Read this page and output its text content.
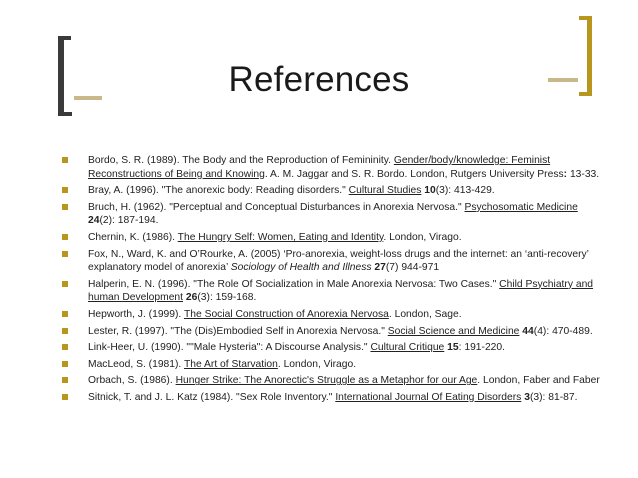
References
Bordo, S. R. (1989). The Body and the Reproduction of Femininity. Gender/body/knowledge: Feminist Reconstructions of Being and Knowing. A. M. Jaggar and S. R. Bordo. London, Rutgers University Press: 13-33.
Bray, A. (1996). "The anorexic body: Reading disorders." Cultural Studies 10(3): 413-429.
Bruch, H. (1962). "Perceptual and Conceptual Disturbances in Anorexia Nervosa." Psychosomatic Medicine 24(2): 187-194.
Chernin, K. (1986). The Hungry Self: Women, Eating and Identity. London, Virago.
Fox, N., Ward, K. and O’Rourke, A. (2005) ‘Pro-anorexia, weight-loss drugs and the internet: an ‘anti-recovery’ explanatory model of anorexia’ Sociology of Health and Illness 27(7) 944-971
Halperin, E. N. (1996). "The Role Of Socialization in Male Anorexia Nervosa: Two Cases." Child Psychiatry and human Development 26(3): 159-168.
Hepworth, J. (1999). The Social Construction of Anorexia Nervosa. London, Sage.
Lester, R. (1997). "The (Dis)Embodied Self in Anorexia Nervosa." Social Science and Medicine 44(4): 470-489.
Link-Heer, U. (1990). ""Male Hysteria": A Discourse Analysis." Cultural Critique 15: 191-220.
MacLeod, S. (1981). The Art of Starvation. London, Virago.
Orbach, S. (1986). Hunger Strike: The Anorectic's Struggle as a Metaphor for our Age. London, Faber and Faber
Sitnick, T. and J. L. Katz (1984). "Sex Role Inventory." International Journal Of Eating Disorders 3(3): 81-87.
